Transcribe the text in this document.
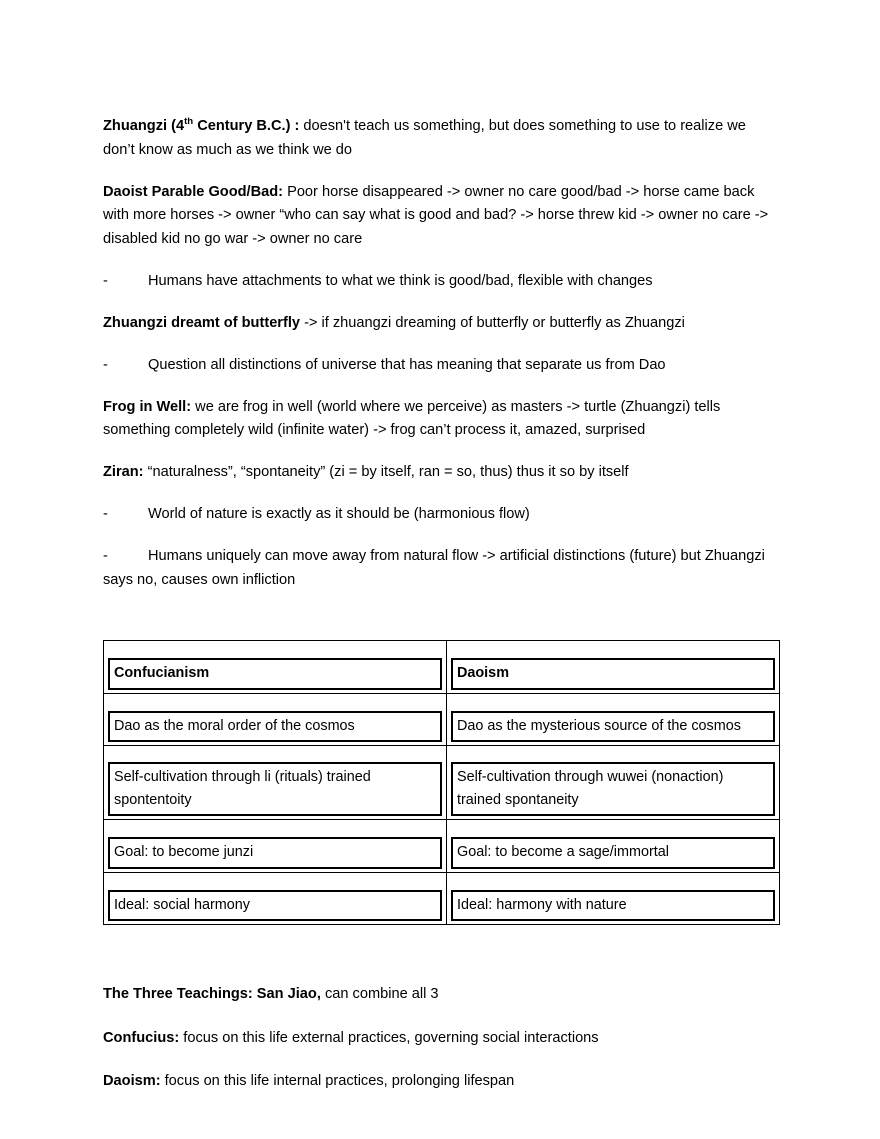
Zhuangzi (4th Century B.C.) : doesn't teach us something, but does something to use to realize we don’t know as much as we think we do

Daoist Parable Good/Bad: Poor horse disappeared -> owner no care good/bad -> horse came back with more horses -> owner “who can say what is good and bad? -> horse threw kid -> owner no care -> disabled kid no go war -> owner no care

-	Humans have attachments to what we think is good/bad, flexible with changes

Zhuangzi dreamt of butterfly -> if zhuangzi dreaming of butterfly or butterfly as Zhuangzi

-	Question all distinctions of universe that has meaning that separate us from Dao

Frog in Well: we are frog in well (world where we perceive) as masters -> turtle (Zhuangzi) tells something completely wild (infinite water) -> frog can’t process it, amazed, surprised

Ziran: “naturalness”, “spontaneity” (zi = by itself, ran = so, thus) thus it so by itself

-	World of nature is exactly as it should be (harmonious flow)

-	Humans uniquely can move away from natural flow -> artificial distinctions (future) but Zhuangzi says no, causes own infliction

Confucianism	Daoism

Dao as the moral order of the cosmos	Dao as the mysterious source of the cosmos

Self-cultivation through li (rituals) trained spontentoity	Self-cultivation through wuwei (nonaction) trained spontaneity

Goal: to become junzi	Goal: to become a sage/immortal

Ideal: social harmony	Ideal: harmony with nature

The Three Teachings: San Jiao, can combine all 3

Confucius: focus on this life external practices, governing social interactions

Daoism: focus on this life internal practices, prolonging lifespan
